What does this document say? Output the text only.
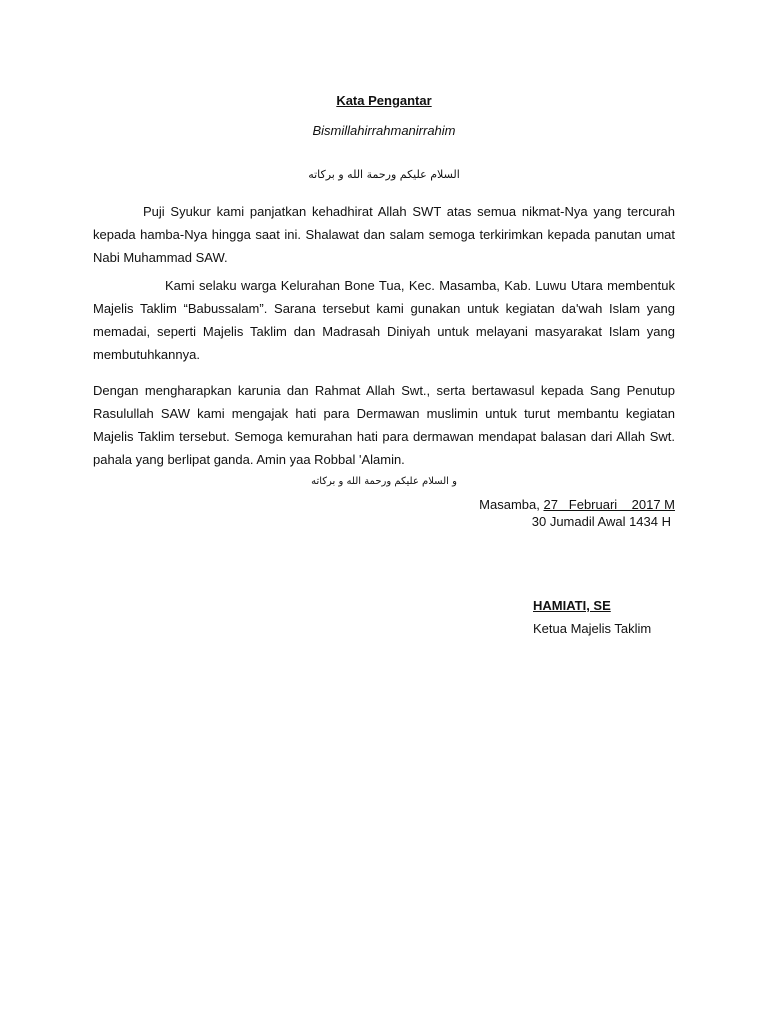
Kata Pengantar
Bismillahirrahmanirrahim
السلام عليكم ورحمة الله و بركاته

Puji Syukur kami panjatkan kehadhirat Allah SWT atas semua nikmat-Nya yang tercurah kepada hamba-Nya hingga saat ini. Shalawat dan salam semoga terkirimkan kepada panutan umat Nabi Muhammad SAW.

Kami selaku warga Kelurahan Bone Tua, Kec. Masamba, Kab. Luwu Utara membentuk Majelis Taklim “Babussalam”. Sarana tersebut kami gunakan untuk kegiatan da'wah Islam yang memadai, seperti Majelis Taklim dan Madrasah Diniyah untuk melayani masyarakat Islam yang membutuhkannya.

Dengan mengharapkan karunia dan Rahmat Allah Swt., serta bertawasul kepada Sang Penutup Rasulullah SAW kami mengajak hati para Dermawan muslimin untuk turut membantu kegiatan Majelis Taklim tersebut. Semoga kemurahan hati para dermawan mendapat balasan dari Allah Swt. pahala yang berlipat ganda. Amin yaa Robbal 'Alamin.

و السلام عليكم ورحمة الله و بركاته
Masamba, 27   Februari    2017 M
30 Jumadil Awal 1434 H
HAMIATI, SE
Ketua Majelis Taklim
